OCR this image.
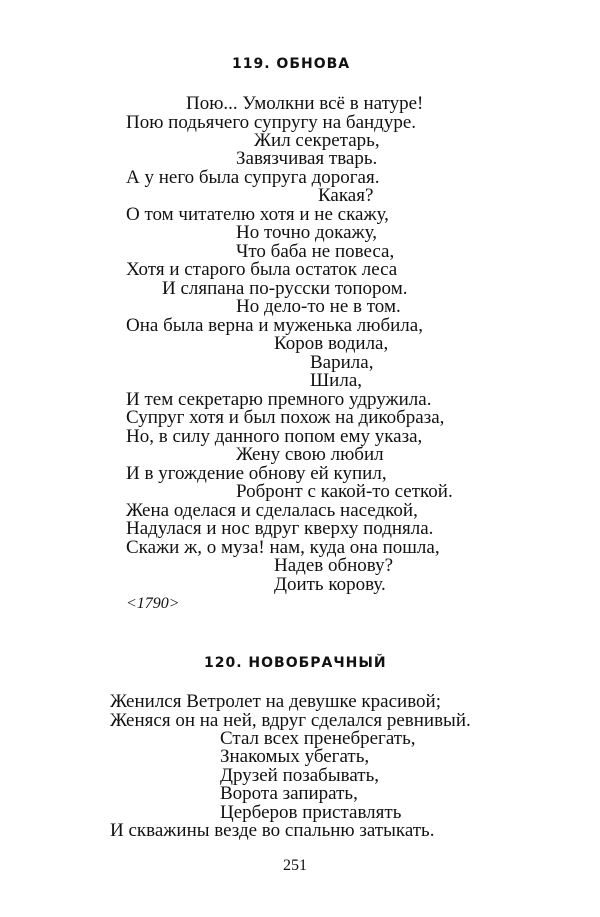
119. ОБНОВА
Пою... Умолкни всё в натуре!
Пою подьячего супругу на бандуре.
Жил секретарь,
Завязчивая тварь.
А у него была супруга дорогая.
Какая?
О том читателю хотя и не скажу,
Но точно докажу,
Что баба не повеса,
Хотя и старого была остаток леса
И сляпана по-русски топором.
Но дело-то не в том.
Она была верна и муженька любила,
Коров водила,
Варила,
Шила,
И тем секретарю премного удружила.
Супруг хотя и был похож на дикобраза,
Но, в силу данного попом ему указа,
Жену свою любил
И в угождение обнову ей купил,
Робронт с какой-то сеткой.
Жена оделася и сделалась наседкой,
Надулася и нос вдруг кверху подняла.
Скажи ж, о муза! нам, куда она пошла,
Надев обнову?
Доить корову.
<1790>
120. НОВОБРАЧНЫЙ
Женился Ветролет на девушке красивой;
Женяся он на ней, вдруг сделался ревнивый.
Стал всех пренебрегать,
Знакомых убегать,
Друзей позабывать,
Ворота запирать,
Церберов приставлять
И скважины везде во спальню затыкать.
251
